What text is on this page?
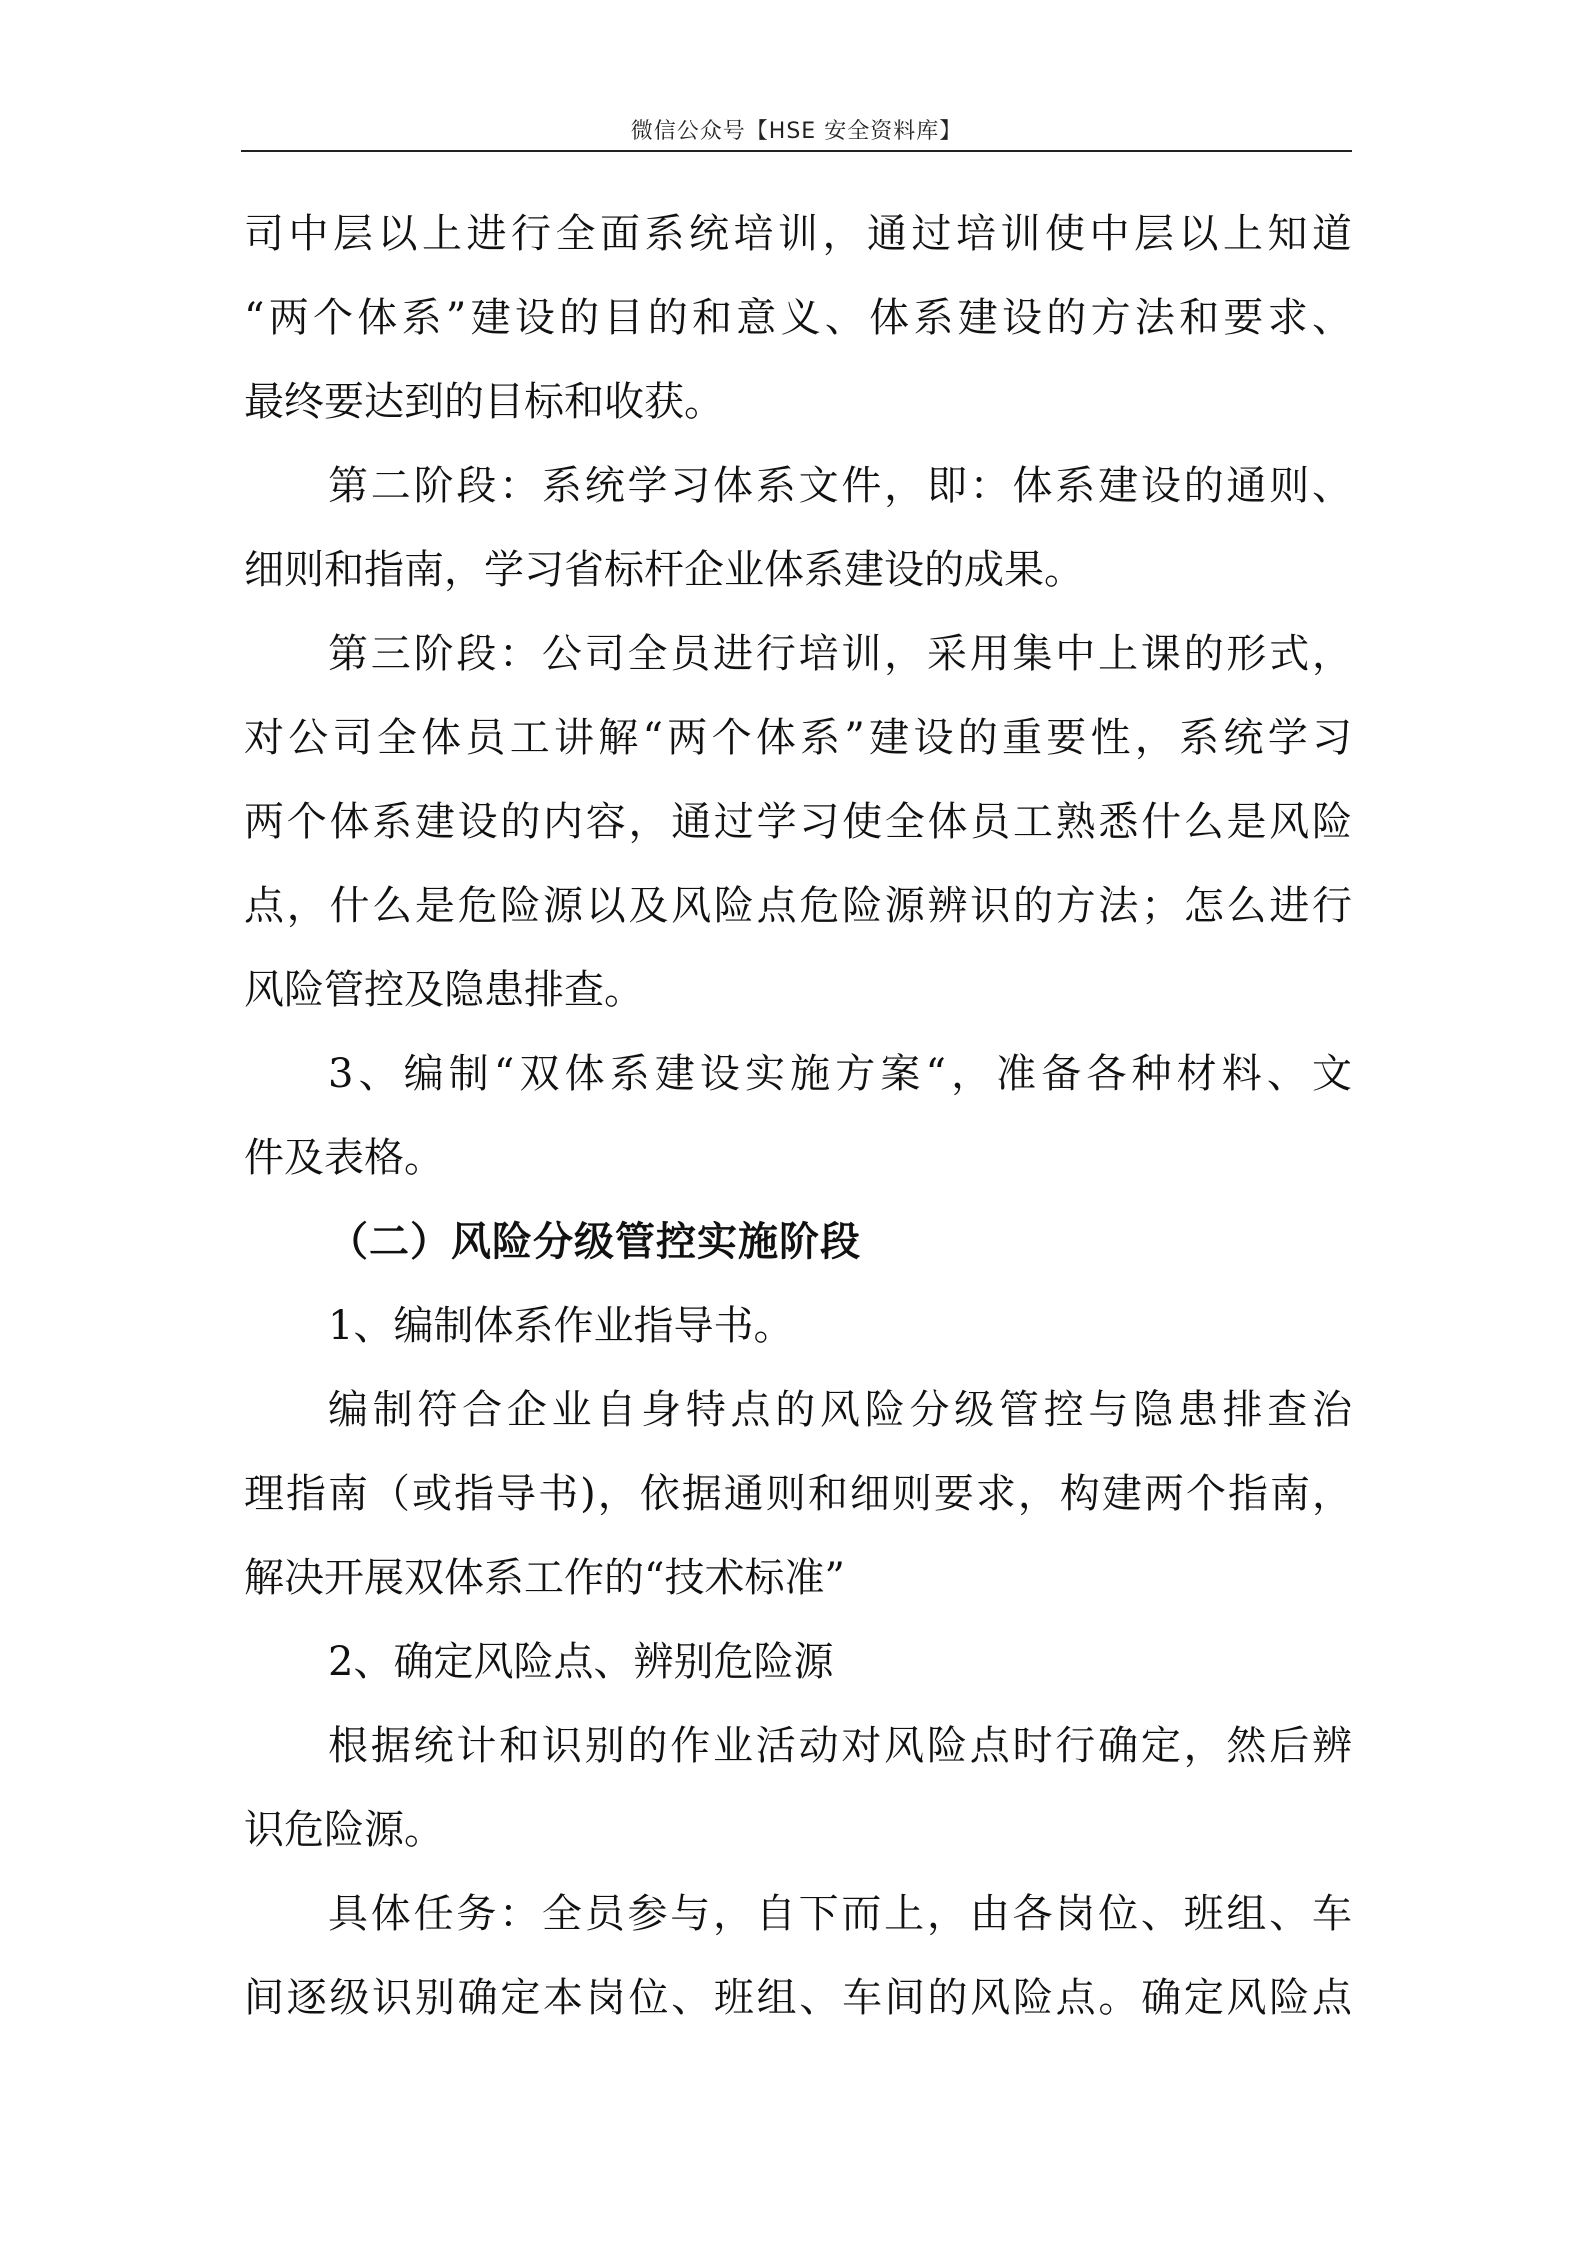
微信公众号【HSE 安全资料库】
司中层以上进行全面系统培训，通过培训使中层以上知道
“两个体系”建设的目的和意义、体系建设的方法和要求、
最终要达到的目标和收获。
第二阶段：系统学习体系文件，即：体系建设的通则、
细则和指南，学习省标杆企业体系建设的成果。
第三阶段：公司全员进行培训，采用集中上课的形式，
对公司全体员工讲解“两个体系”建设的重要性，系统学习
两个体系建设的内容，通过学习使全体员工熟悉什么是风险
点，什么是危险源以及风险点危险源辨识的方法；怎么进行
风险管控及隐患排查。
3、编制“双体系建设实施方案“，准备各种材料、文
件及表格。
（二）风险分级管控实施阶段
1、编制体系作业指导书。
编制符合企业自身特点的风险分级管控与隐患排查治
理指南（或指导书)，依据通则和细则要求，构建两个指南，
解决开展双体系工作的“技术标准”
2、确定风险点、辨别危险源
根据统计和识别的作业活动对风险点时行确定，然后辨
识危险源。
具体任务：全员参与，自下而上，由各岗位、班组、车
间逐级识别确定本岗位、班组、车间的风险点。确定风险点
